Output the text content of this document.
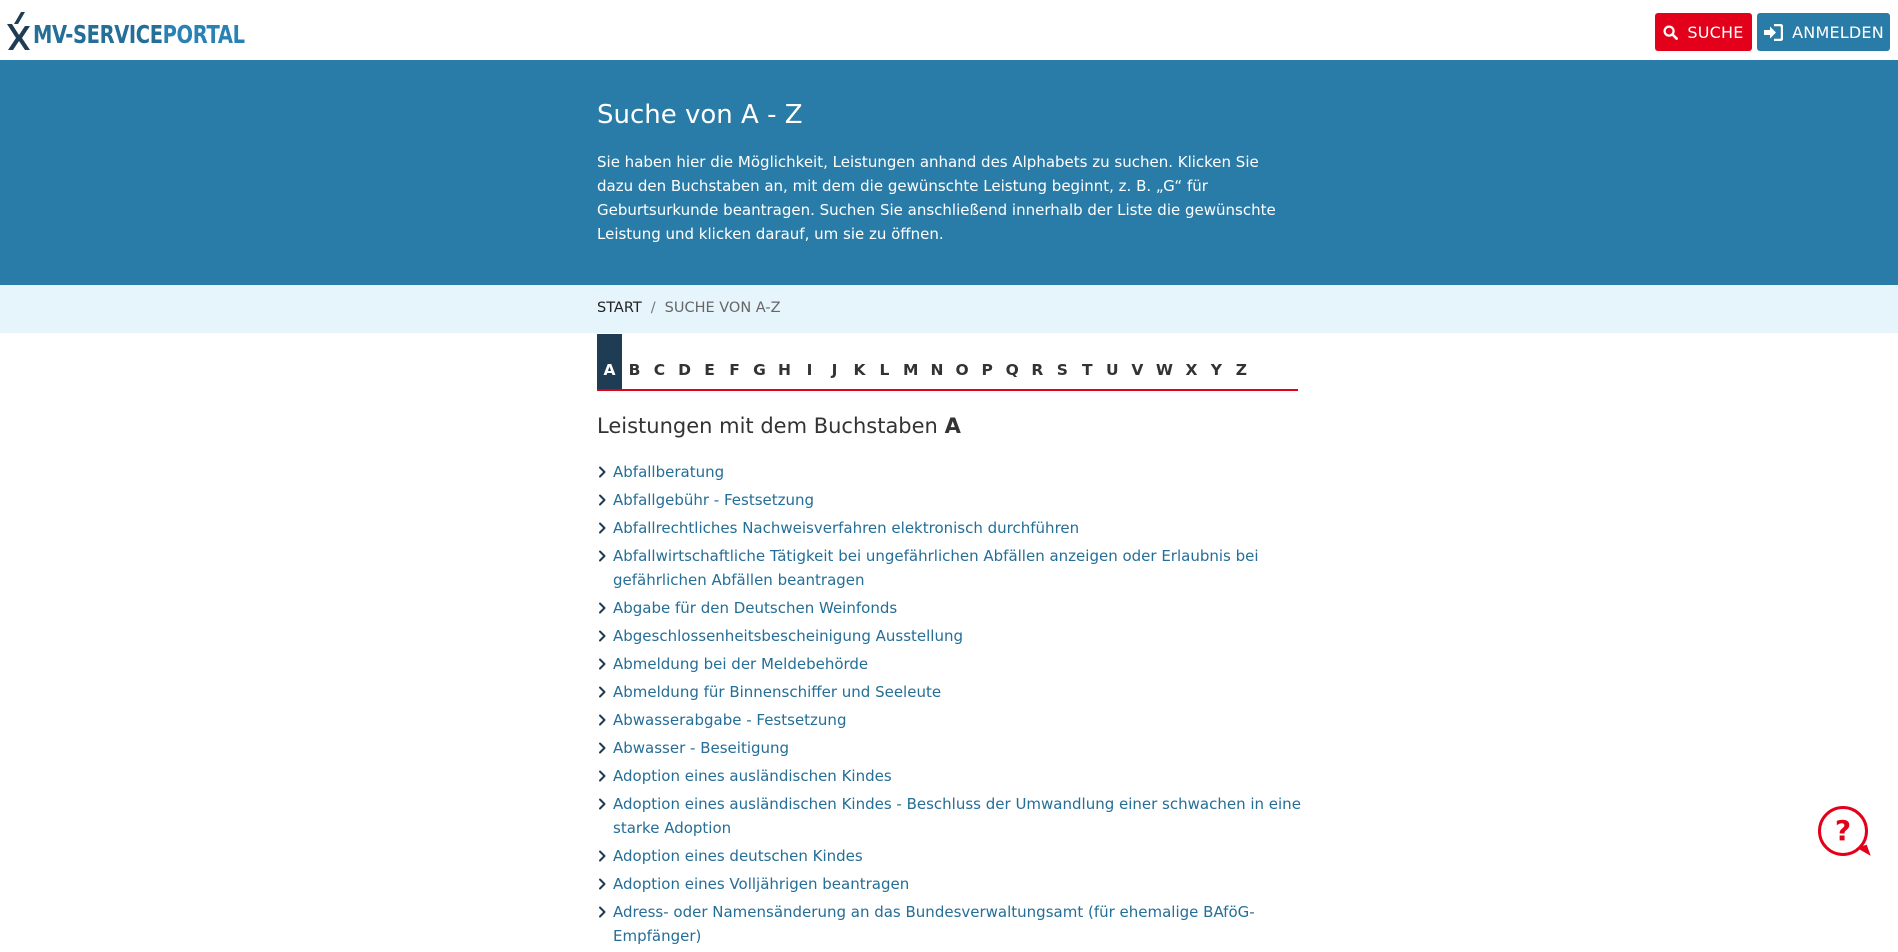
MV-SERVICEPORTAL	SUCHE	ANMELDEN
Suche von A - Z

Sie haben hier die Möglichkeit, Leistungen anhand des Alphabets zu suchen. Klicken Sie dazu den Buchstaben an, mit dem die gewünschte Leistung beginnt, z. B. „G“ für Geburtsurkunde beantragen. Suchen Sie anschließend innerhalb der Liste die gewünschte Leistung und klicken darauf, um sie zu öffnen.

START / SUCHE VON A-Z
A B C D E F G H	I	J	K L M N O P Q R S T U V W X Y Z
Leistungen mit dem Buchstaben A
Abfallberatung
Abfallgebühr - Festsetzung
Abfallrechtliches Nachweisverfahren elektronisch durchführen
Abfallwirtschaftliche Tätigkeit bei ungefährlichen Abfällen anzeigen oder Erlaubnis bei gefährlichen Abfällen beantragen
Abgabe für den Deutschen Weinfonds
Abgeschlossenheitsbescheinigung Ausstellung
Abmeldung bei der Meldebehörde
Abmeldung für Binnenschiffer und Seeleute
Abwasserabgabe - Festsetzung
Abwasser - Beseitigung
Adoption eines ausländischen Kindes
Adoption eines ausländischen Kindes - Beschluss der Umwandlung einer schwachen in eine starke Adoption
Adoption eines deutschen Kindes
Adoption eines Volljährigen beantragen
Adress- oder Namensänderung an das Bundesverwaltungsamt (für ehemalige BAföG-Empfänger)
?
